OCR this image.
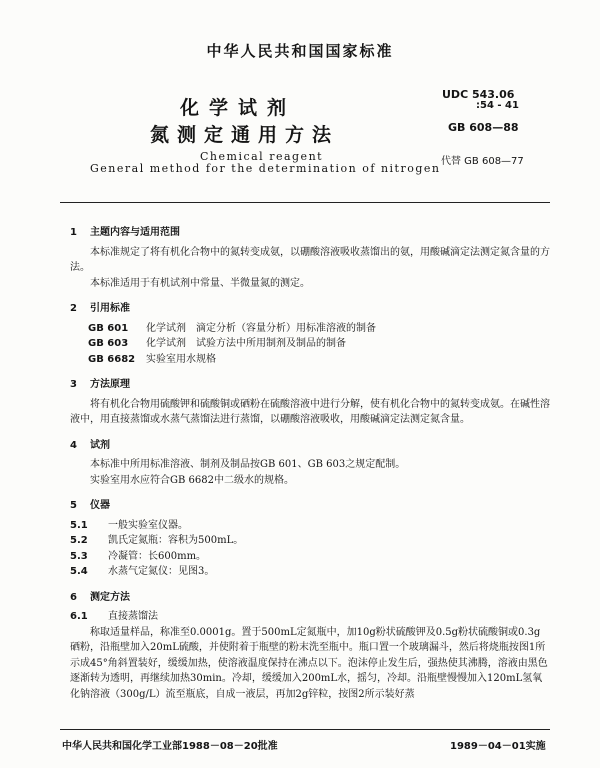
中华人民共和国国家标准
化学试剂
氮测定通用方法
UDC 543.06
:54 - 41
GB 608—88
Chemical reagent
General method for the determination of nitrogen
代替 GB 608—77

1 主题内容与适用范围

本标准规定了将有机化合物中的氮转变成氨，以硼酸溶液吸收蒸馏出的氨，用酸碱滴定法测定氮含量的方法。

本标准适用于有机试剂中常量、半微量氮的测定。

2 引用标准

GB 601 化学试剂　滴定分析（容量分析）用标准溶液的制备

GB 603 化学试剂　试验方法中所用制剂及制品的制备

GB 6682 实验室用水规格

3 方法原理

将有机化合物用硫酸钾和硫酸铜或硒粉在硫酸溶液中进行分解，使有机化合物中的氮转变成氨。在碱性溶液中，用直接蒸馏或水蒸气蒸馏法进行蒸馏，以硼酸溶液吸收，用酸碱滴定法测定氮含量。

4 试剂

本标准中所用标准溶液、制剂及制品按GB 601、GB 603之规定配制。

实验室用水应符合GB 6682中二级水的规格。

5 仪器

5.1 一般实验室仪器。

5.2 凯氏定氮瓶：容积为500mL。

5.3 冷凝管：长600mm。

5.4 水蒸气定氮仪：见图3。

6 测定方法

6.1 直接蒸馏法

称取适量样品，称准至0.0001g。置于500mL定氮瓶中，加10g粉状硫酸钾及0.5g粉状硫酸铜或0.3g硒粉，沿瓶壁加入20mL硫酸，并使附着于瓶壁的粉末洗至瓶中。瓶口置一个玻璃漏斗，然后将烧瓶按图1所示成45°角斜置装好，缓缓加热，使溶液温度保持在沸点以下。泡沫停止发生后，强热使其沸腾，溶液由黑色逐渐转为透明，再继续加热30min。冷却，缓缓加入200mL水，摇匀，冷却。沿瓶壁慢慢加入120mL氢氧化钠溶液（300g/L）流至瓶底，自成一液层，再加2g锌粒，按图2所示装好蒸

中华人民共和国化学工业部1988－08－20批准	1989－04－01实施
